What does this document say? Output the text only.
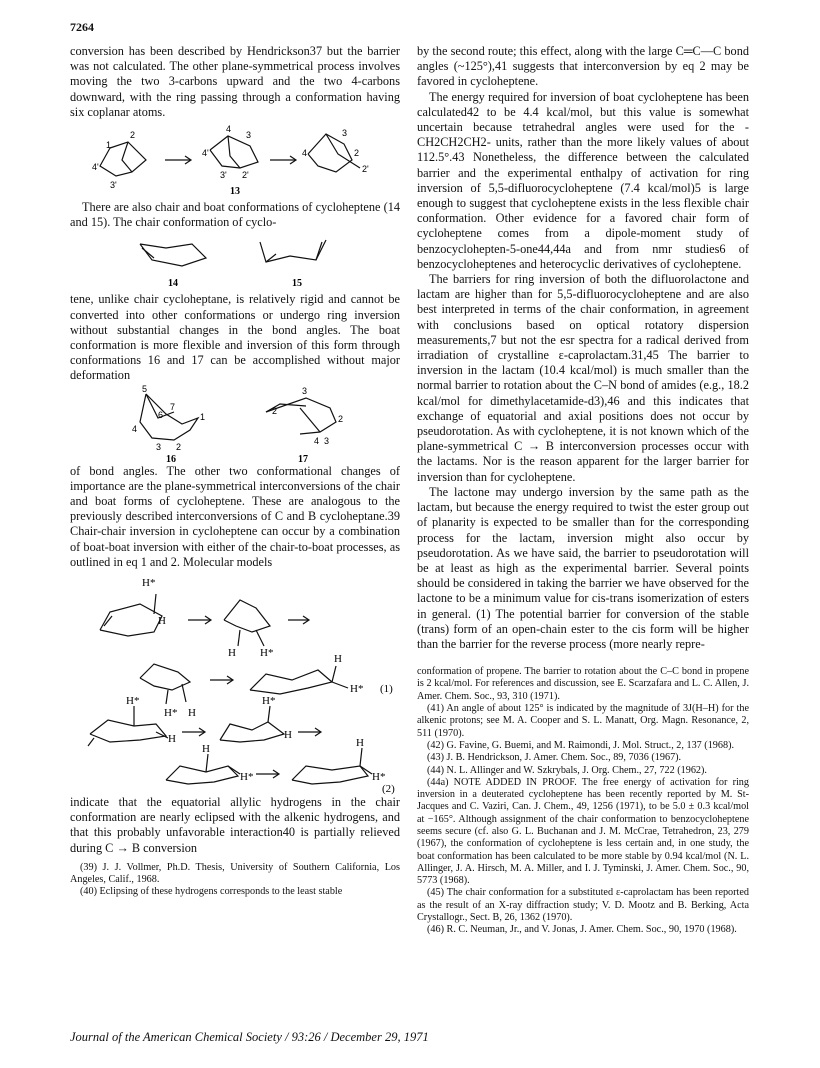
7264

conversion has been described by Hendrickson37 but the barrier was not calculated. The other plane-symmetrical process involves moving the two 3-carbons upward and the two 4-carbons downward, with the ring passing through a conformation having six coplanar atoms.

2
1
4'
3'
4
3
4'
3' 2'
3
4	2
2'
13

There are also chair and boat conformations of cycloheptene (14 and 15). The chair conformation of cyclo-

14	15

tene, unlike chair cycloheptane, is relatively rigid and cannot be converted into other conformations or undergo ring inversion without substantial changes in the bond angles. The boat conformation is more flexible and inversion of this form through conformations 16 and 17 can be accomplished without major deformation

5
6
7
1
4
3 2
3
2
2
4 3
16	17

of bond angles. The other two conformational changes of importance are the plane-symmetrical interconversions of the chair and boat forms of cycloheptene. These are analogous to the previously described interconversions of C and B cycloheptane.39 Chair-chair inversion in cycloheptene can occur by a combination of boat-boat inversion with either of the chair-to-boat processes, as outlined in eq 1 and 2. Molecular models

H*
H
H H*
H* H
H
H* (1)
H*
H
H*
H
H
H*
H
H*
(2)

indicate that the equatorial allylic hydrogens in the chair conformation are nearly eclipsed with the alkenic hydrogens, and that this probably unfavorable interaction40 is partially relieved during C → B conversion

(39) J. J. Vollmer, Ph.D. Thesis, University of Southern California, Los Angeles, Calif., 1968.

(40) Eclipsing of these hydrogens corresponds to the least stable

by the second route; this effect, along with the large C═C—C bond angles (~125°),41 suggests that interconversion by eq 2 may be favored in cycloheptene.

The energy required for inversion of boat cycloheptene has been calculated42 to be 4.4 kcal/mol, but this value is somewhat uncertain because tetrahedral angles were used for the -CH2CH2CH2- units, rather than the more likely values of about 112.5°.43 Nonetheless, the difference between the calculated barrier and the experimental enthalpy of activation for ring inversion of 5,5-difluorocycloheptene (7.4 kcal/mol)5 is large enough to suggest that cycloheptene exists in the less flexible chair conformation. Other evidence for a favored chair form of cycloheptene comes from a dipole-moment study of benzocyclohepten-5-one44,44a and from nmr studies6 of benzocycloheptenes and heterocyclic derivatives of cycloheptene.

The barriers for ring inversion of both the difluorolactone and lactam are higher than for 5,5-difluorocycloheptene and are also best interpreted in terms of the chair conformation, in agreement with conclusions based on optical rotatory dispersion measurements,7 but not the esr spectra for a radical derived from irradiation of crystalline ε-caprolactam.31,45 The barrier to inversion in the lactam (10.4 kcal/mol) is much smaller than the normal barrier to rotation about the C–N bond of amides (e.g., 18.2 kcal/mol for dimethylacetamide-d3),46 and this indicates that exchange of equatorial and axial positions does not occur by pseudorotation. As with cycloheptene, it is not known which of the plane-symmetrical C → B interconversion processes occur with the lactams. Nor is the reason apparent for the larger barrier for inversion than for cycloheptene.

The lactone may undergo inversion by the same path as the lactam, but because the energy required to twist the ester group out of planarity is expected to be smaller than for the corresponding process for the lactam, inversion might also occur by pseudorotation. As we have said, the barrier to pseudorotation will be at least as high as the experimental barrier. Several points should be considered in taking the barrier we have observed for the lactone to be a minimum value for cis-trans isomerization of esters in general. (1) The potential barrier for conversion of the stable (trans) form of an open-chain ester to the cis form will be higher than the barrier for the reverse process (more nearly repre-

conformation of propene. The barrier to rotation about the C–C bond in propene is 2 kcal/mol. For references and discussion, see E. Scarzafara and L. C. Allen, J. Amer. Chem. Soc., 93, 310 (1971).

(41) An angle of about 125° is indicated by the magnitude of 3J(H–H) for the alkenic protons; see M. A. Cooper and S. L. Manatt, Org. Magn. Resonance, 2, 511 (1970).

(42) G. Favine, G. Buemi, and M. Raimondi, J. Mol. Struct., 2, 137 (1968).

(43) J. B. Hendrickson, J. Amer. Chem. Soc., 89, 7036 (1967).

(44) N. L. Allinger and W. Szkrybals, J. Org. Chem., 27, 722 (1962).

(44a) NOTE ADDED IN PROOF. The free energy of activation for ring inversion in a deuterated cycloheptene has been recently reported by M. St-Jacques and C. Vaziri, Can. J. Chem., 49, 1256 (1971), to be 5.0 ± 0.3 kcal/mol at −165°. Although assignment of the chair conformation to benzocycloheptene seems secure (cf. also G. L. Buchanan and J. M. McCrae, Tetrahedron, 23, 279 (1967), the conformation of cycloheptene is less certain and, in one study, the boat conformation has been calculated to be more stable by 0.94 kcal/mol (N. L. Allinger, J. A. Hirsch, M. A. Miller, and I. J. Tyminski, J. Amer. Chem. Soc., 90, 5773 (1968).

(45) The chair conformation for a substituted ε-caprolactam has been reported as the result of an X-ray diffraction study; V. D. Mootz and B. Berking, Acta Crystallogr., Sect. B, 26, 1362 (1970).

(46) R. C. Neuman, Jr., and V. Jonas, J. Amer. Chem. Soc., 90, 1970 (1968).

Journal of the American Chemical Society / 93:26 / December 29, 1971
